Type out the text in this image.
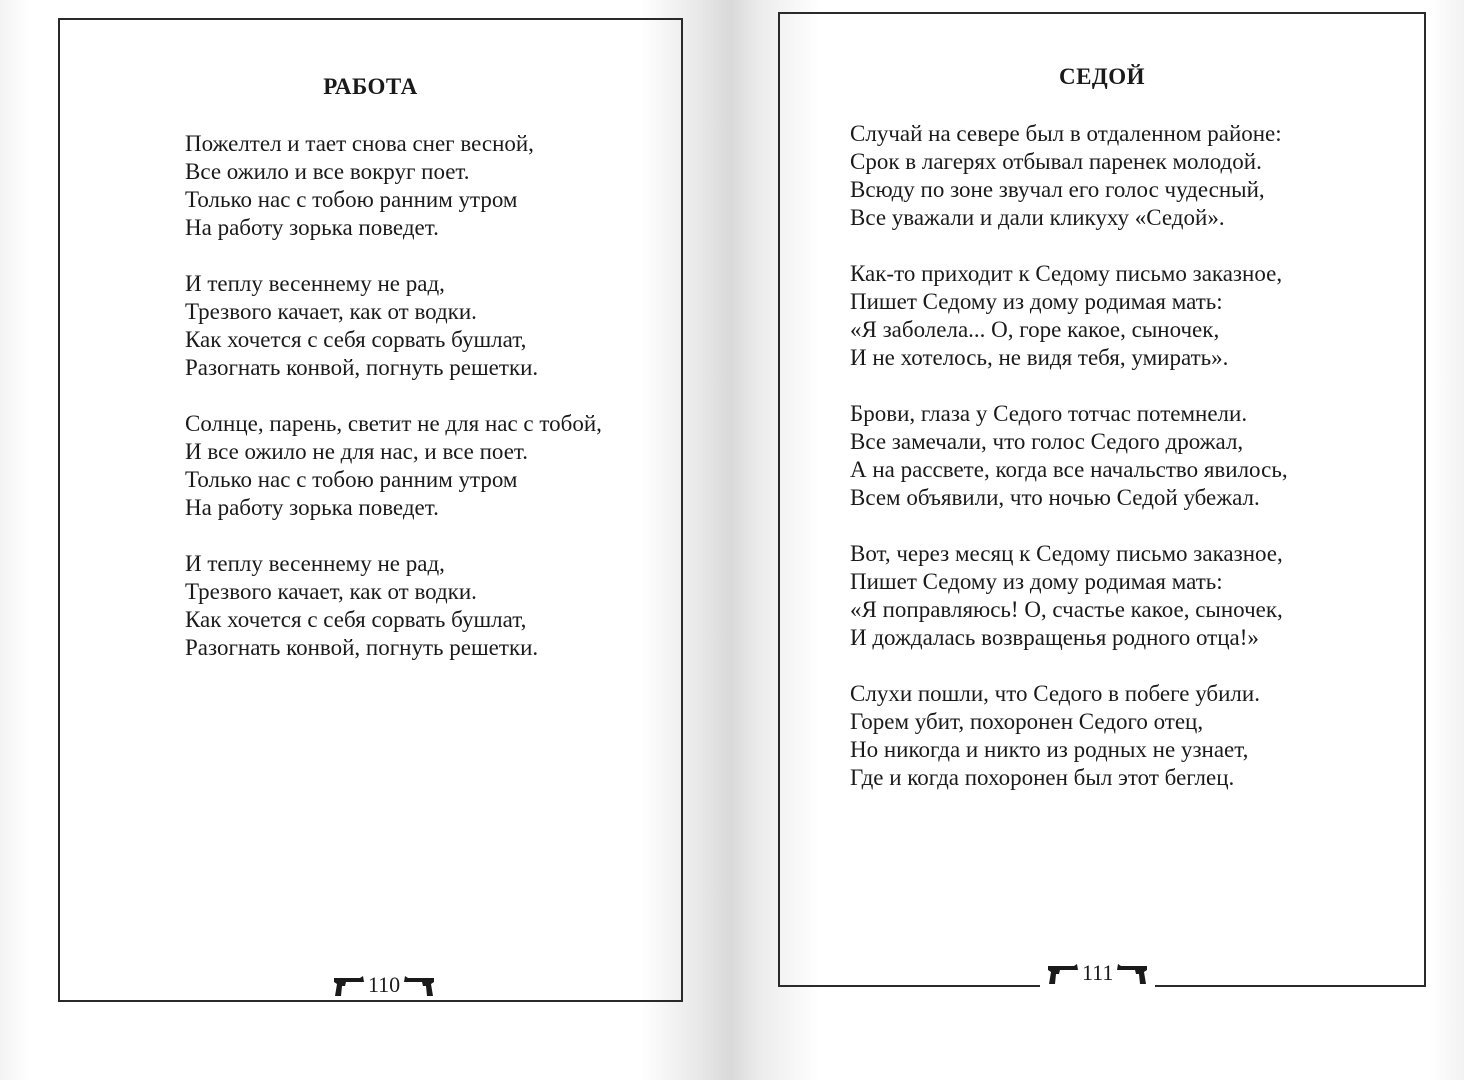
РАБОТА
Пожелтел и тает снова снег весной,
Все ожило и все вокруг поет.
Только нас с тобою ранним утром
На работу зорька поведет.
И теплу весеннему не рад,
Трезвого качает, как от водки.
Как хочется с себя сорвать бушлат,
Разогнать конвой, погнуть решетки.
Солнце, парень, светит не для нас с тобой,
И все ожило не для нас, и все поет.
Только нас с тобою ранним утром
На работу зорька поведет.
И теплу весеннему не рад,
Трезвого качает, как от водки.
Как хочется с себя сорвать бушлат,
Разогнать конвой, погнуть решетки.
110
СЕДОЙ
Случай на севере был в отдаленном районе:
Срок в лагерях отбывал паренек молодой.
Всюду по зоне звучал его голос чудесный,
Все уважали и дали кликуху «Седой».
Как-то приходит к Седому письмо заказное,
Пишет Седому из дому родимая мать:
«Я заболела... О, горе какое, сыночек,
И не хотелось, не видя тебя, умирать».
Брови, глаза у Седого тотчас потемнели.
Все замечали, что голос Седого дрожал,
А на рассвете, когда все начальство явилось,
Всем объявили, что ночью Седой убежал.
Вот, через месяц к Седому письмо заказное,
Пишет Седому из дому родимая мать:
«Я поправляюсь! О, счастье какое, сыночек,
И дождалась возвращенья родного отца!»
Слухи пошли, что Седого в побеге убили.
Горем убит, похоронен Седого отец,
Но никогда и никто из родных не узнает,
Где и когда похоронен был этот беглец.
111
